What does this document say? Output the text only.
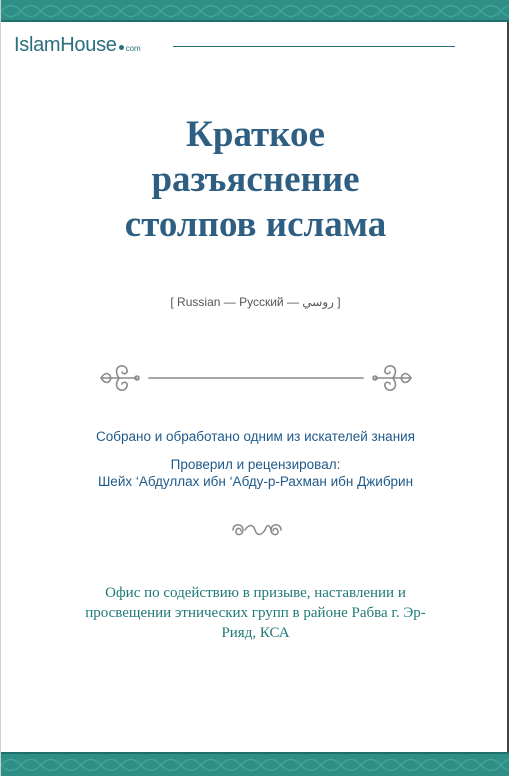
IslamHouse com
Краткое
разъяснение
столпов ислама
[ Russian — Русский — روسي ]
Собрано и обработано одним из искателей знания
Проверил и рецензировал:
Шейх ‘Абдуллах ибн ‘Абду-р-Рахман ибн Джибрин
Офис по содействию в призыве, наставлении и
просвещении этнических групп в районе Рабва г. Эр-
Рияд, КСА
